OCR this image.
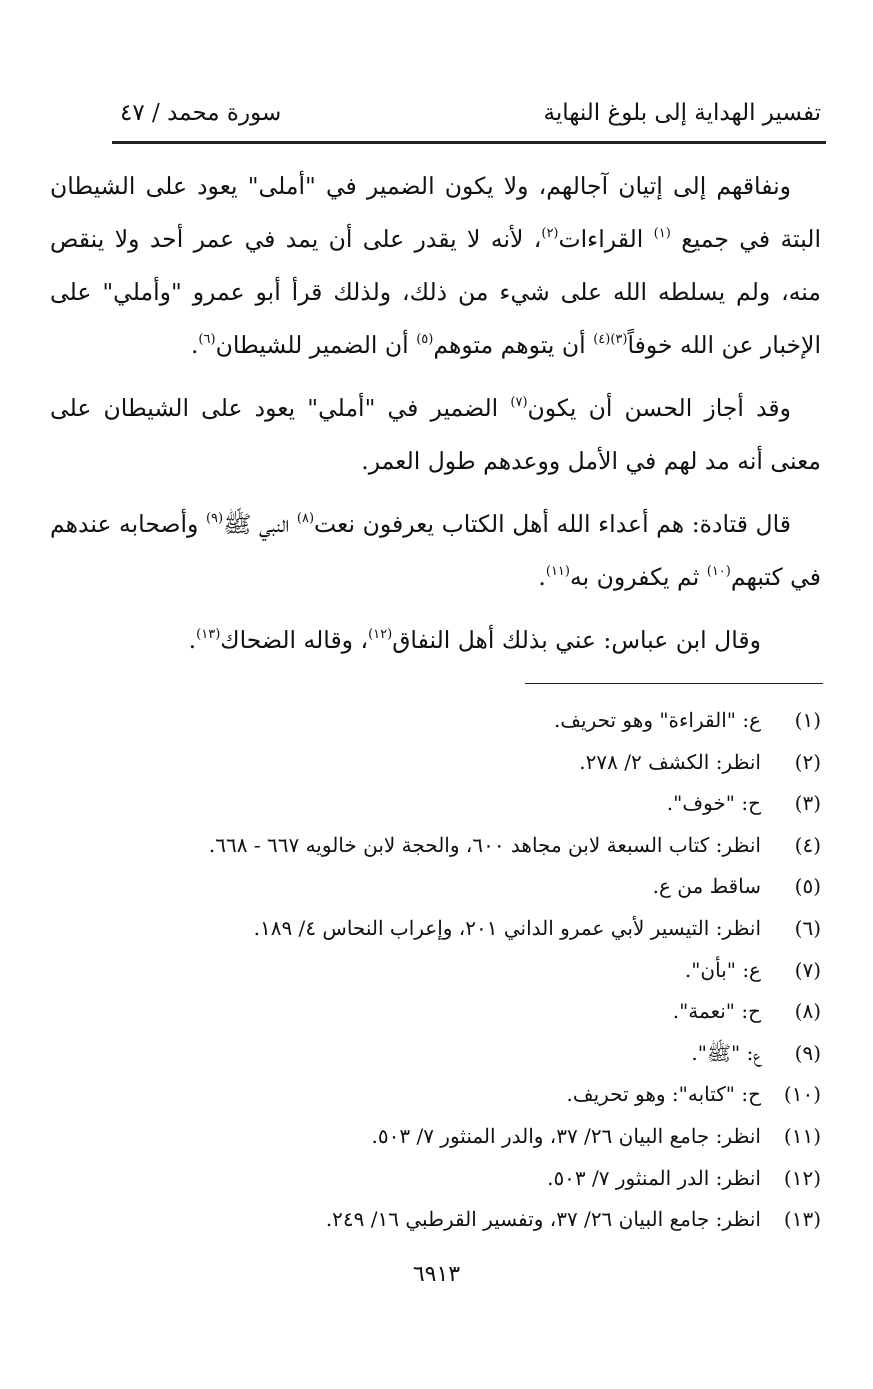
تفسير الهداية إلى بلوغ النهاية
سورة محمد / ٤٧

ونفاقهم إلى إتيان آجالهم، ولا يكون الضمير في "أملى" يعود على الشيطان البتة في جميع $^{(١)}$ القراءات$^{(٢)}$، لأنه لا يقدر على أن يمد في عمر أحد ولا ينقص منه، ولم يسلطه الله على شيء من ذلك، ولذلك قرأ أبو عمرو "وأملي" على الإخبار عن الله خوفاً$^{(٣)(٤)}$ أن يتوهم متوهم$^{(٥)}$ أن الضمير للشيطان$^{(٦)}$.

وقد أجاز الحسن أن يكون$^{(٧)}$ الضمير في "أملي" يعود على الشيطان على معنى أنه مد لهم في الأمل ووعدهم طول العمر.

قال قتادة: هم أعداء الله أهل الكتاب يعرفون نعت$^{(٨)}$ النبي ﷺ$^{(٩)}$ وأصحابه عندهم في كتبهم$^{(١٠)}$ ثم يكفرون به$^{(١١)}$.

وقال ابن عباس: عني بذلك أهل النفاق$^{(١٢)}$، وقاله الضحاك$^{(١٣)}$.

(١)ع: "القراءة" وهو تحريف.
(٢)انظر: الكشف ٢/ ٢٧٨.
(٣)ح: "خوف".
(٤)انظر: كتاب السبعة لابن مجاهد ٦٠٠، والحجة لابن خالويه ٦٦٧ - ٦٦٨.
(٥)ساقط من ع.
(٦)انظر: التيسير لأبي عمرو الداني ٢٠١، وإعراب النحاس ٤/ ١٨٩.
(٧)ع: "بأن".
(٨)ح: "نعمة".
(٩)ع: "ﷺ".
(١٠)ح: "كتابه": وهو تحريف.
(١١)انظر: جامع البيان ٢٦/ ٣٧، والدر المنثور ٧/ ٥٠٣.
(١٢)انظر: الدر المنثور ٧/ ٥٠٣.
(١٣)انظر: جامع البيان ٢٦/ ٣٧، وتفسير القرطبي ١٦/ ٢٤٩.
٦٩١٣
